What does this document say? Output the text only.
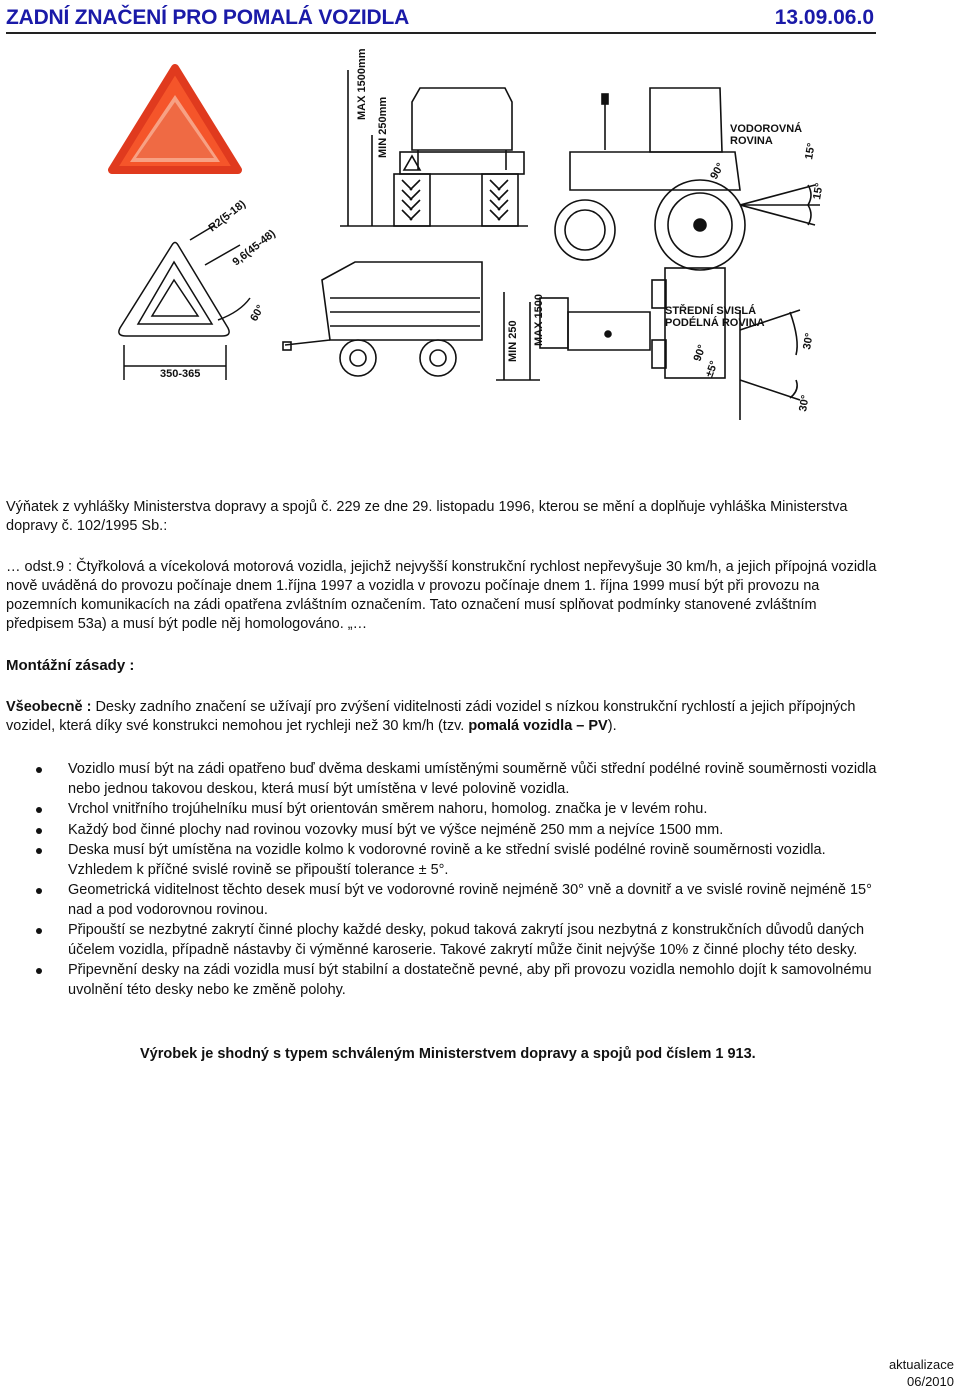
ZADNÍ ZNAČENÍ PRO POMALÁ VOZIDLA	13.09.06.0
350-365
R2(5-18)
9,6(45-48)
60°
MAX 1500mm
MIN 250mm	VODOROVNÁ ROVINA
15°
15°
90°
MIN 250 MAX 1500	STŘEDNÍ SVISLÁ PODÉLNÁ ROVINA
90°
±5°
30°
30°
Výňatek z vyhlášky Ministerstva dopravy a spojů č. 229 ze dne 29. listopadu 1996, kterou se mění a doplňuje vyhláška Ministerstva dopravy č. 102/1995 Sb.:
… odst.9 : Čtyřkolová a vícekolová motorová vozidla, jejichž nejvyšší konstrukční rychlost nepřevyšuje 30 km/h, a jejich přípojná vozidla nově uváděná do provozu počínaje dnem 1.října 1997 a vozidla v provozu počínaje dnem 1. října 1999 musí být při provozu na pozemních komunikacích na zádi opatřena zvláštním označením. Tato označení musí splňovat podmínky stanovené zvláštním předpisem 53a) a musí být podle něj homologováno. „…
Montážní zásady :
Všeobecně : Desky zadního značení se užívají pro zvýšení viditelnosti zádi vozidel s nízkou konstrukční rychlostí a jejich přípojných vozidel, která díky své konstrukci nemohou jet rychleji než 30 km/h (tzv. pomalá vozidla – PV).
Vozidlo musí být na zádi opatřeno buď dvěma deskami umístěnými souměrně vůči střední podélné rovině souměrnosti vozidla nebo jednou takovou deskou, která musí být umístěna v levé polovině vozidla.
Vrchol vnitřního trojúhelníku musí být orientován směrem nahoru, homolog. značka je v levém rohu.
Každý bod činné plochy nad rovinou vozovky musí být ve výšce nejméně 250 mm a nejvíce 1500 mm.
Deska musí být umístěna na vozidle kolmo k vodorovné rovině a ke střední svislé podélné rovině souměrnosti vozidla. Vzhledem k příčné svislé rovině se připouští tolerance ± 5°.
Geometrická viditelnost těchto desek musí být ve vodorovné rovině nejméně 30° vně a dovnitř a ve svislé rovině nejméně 15° nad a pod vodorovnou rovinou.
Připouští se nezbytné zakrytí činné plochy každé desky, pokud taková zakrytí jsou nezbytná z konstrukčních důvodů daných účelem vozidla, případně nástavby či výměnné karoserie. Takové zakrytí může činit nejvýše 10% z činné plochy této desky.
Připevnění desky na zádi vozidla musí být stabilní a dostatečně pevné, aby při provozu vozidla nemohlo dojít k samovolnému uvolnění této desky nebo ke změně polohy.
Výrobek je shodný s typem schváleným Ministerstvem dopravy a spojů pod číslem 1 913.
aktualizace
06/2010
